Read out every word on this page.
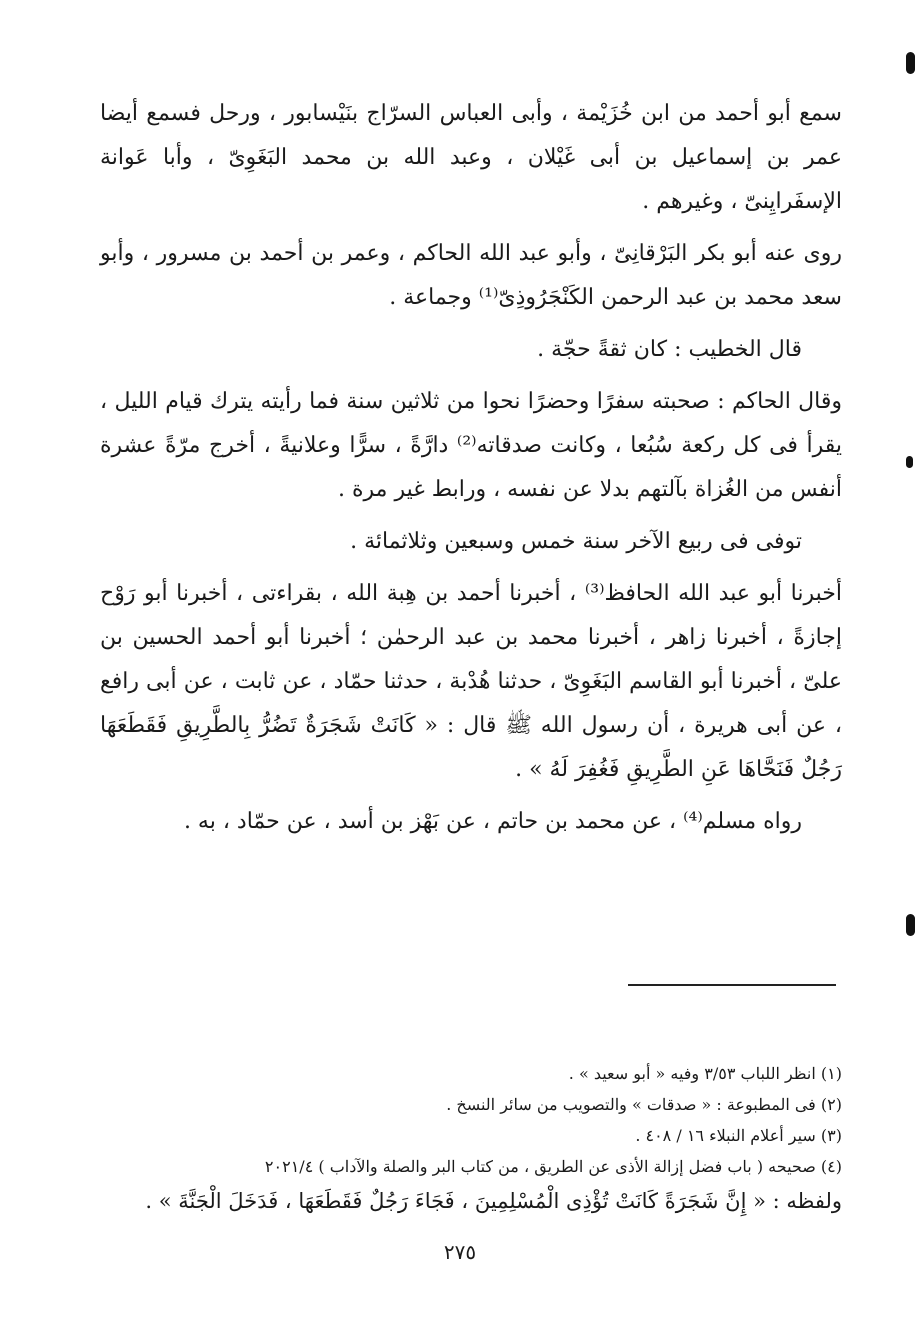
سمع أبو أحمد من ابن خُزَيْمة ، وأبى العباس السرّاج بنَيْسابور ، ورحل فسمع أيضا عمر بن إسماعيل بن أبى غَيْلان ، وعبد الله بن محمد البَغَوِىّ ، وأبا عَوانة الإسفَرايِنىّ ، وغيرهم .

روى عنه أبو بكر البَرْقانِىّ ، وأبو عبد الله الحاكم ، وعمر بن أحمد بن مسرور ، وأبو سعد محمد بن عبد الرحمن الكَنْجَرُوذِىّ⁽¹⁾ وجماعة .

قال الخطيب : كان ثقةً حجّة .

وقال الحاكم : صحبته سفرًا وحضرًا نحوا من ثلاثين سنة فما رأيته يترك قيام الليل ، يقرأ فى كل ركعة سُبُعا ، وكانت صدقاته⁽²⁾ دارَّةً ، سرًّا وعلانيةً ، أخرج مرّةً عشرة أنفس من الغُزاة بآلتهم بدلا عن نفسه ، ورابط غير مرة .

توفى فى ربيع الآخر سنة خمس وسبعين وثلاثمائة .

أخبرنا أبو عبد الله الحافظ⁽³⁾ ، أخبرنا أحمد بن هِبة الله ، بقراءتى ، أخبرنا أبو رَوْح إجازةً ، أخبرنا زاهر ، أخبرنا محمد بن عبد الرحمٰن ؛ أخبرنا أبو أحمد الحسين بن علىّ ، أخبرنا أبو القاسم البَغَوِىّ ، حدثنا هُدْبة ، حدثنا حمّاد ، عن ثابت ، عن أبى رافع ، عن أبى هريرة ، أن رسول الله ﷺ قال : « كَانَتْ شَجَرَةٌ تَضُرُّ بِالطَّرِيقِ فَقَطَعَهَا رَجُلٌ فَنَحَّاهَا عَنِ الطَّرِيقِ فَغُفِرَ لَهُ » .

رواه مسلم⁽⁴⁾ ، عن محمد بن حاتم ، عن بَهْز بن أسد ، عن حمّاد ، به .

(١) انظر اللباب ٣/٥٣ وفيه « أبو سعيد » .

(٢) فى المطبوعة : « صدقات » والتصويب من سائر النسخ .

(٣) سير أعلام النبلاء ١٦ / ٤٠٨ .

(٤) صحيحه ( باب فضل إزالة الأذى عن الطريق ، من كتاب البر والصلة والآداب ) ٢٠٢١/٤

ولفظه : « إِنَّ شَجَرَةً كَانَتْ تُؤْذِى الْمُسْلِمِينَ ، فَجَاءَ رَجُلٌ فَقَطَعَهَا ، فَدَخَلَ الْجَنَّةَ » .

٢٧٥
